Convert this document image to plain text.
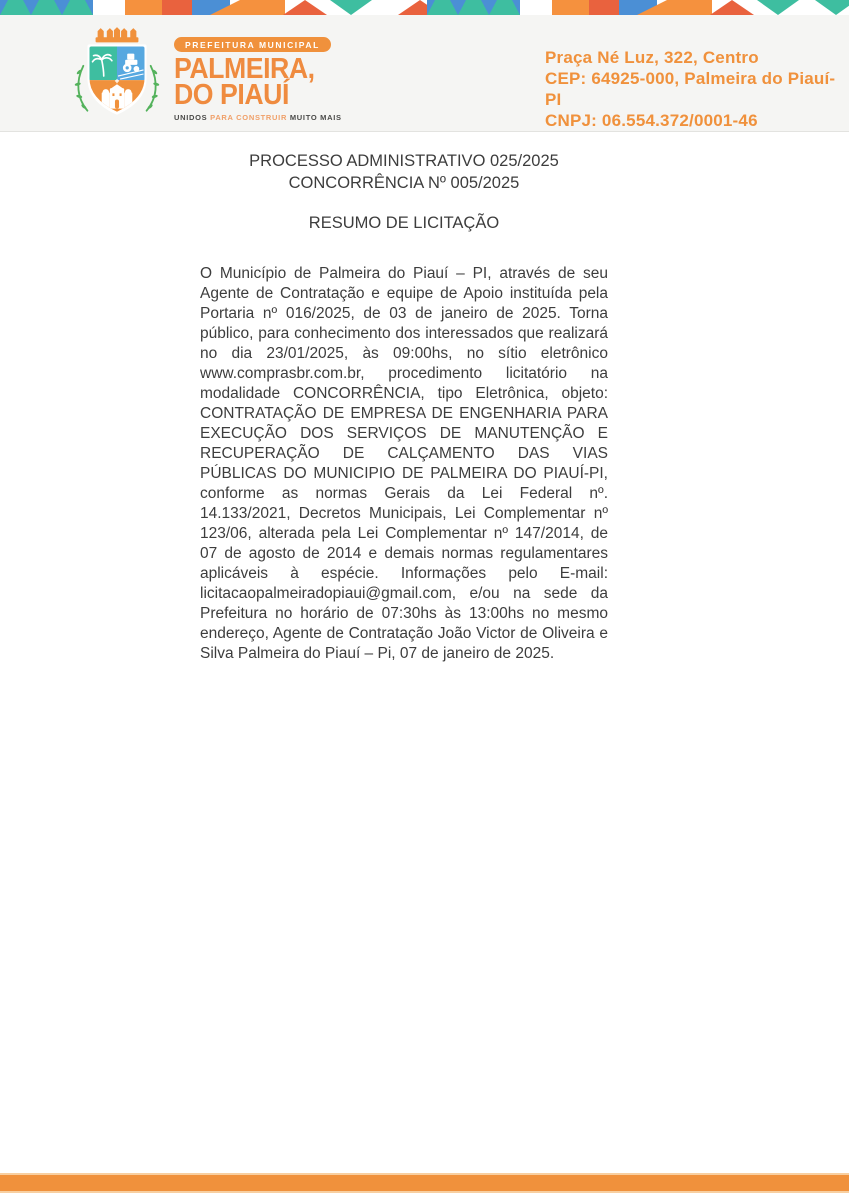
PREFEITURA MUNICIPAL
PALMEIRA,
DO PIAUÍ
UNIDOS PARA CONSTRUIR MUITO MAIS
Praça Né Luz, 322, Centro
CEP: 64925-000, Palmeira do Piauí-PI
CNPJ: 06.554.372/0001-46
PROCESSO ADMINISTRATIVO 025/2025
CONCORRÊNCIA Nº 005/2025
RESUMO DE LICITAÇÃO
O Município de Palmeira do Piauí – PI, através de seu Agente de Contratação e equipe de Apoio instituída pela Portaria nº 016/2025, de 03 de janeiro de 2025. Torna público, para conhecimento dos interessados que realizará no dia 23/01/2025, às 09:00hs, no sítio eletrônico www.comprasbr.com.br, procedimento licitatório na modalidade CONCORRÊNCIA, tipo Eletrônica, objeto: CONTRATAÇÃO DE EMPRESA DE ENGENHARIA PARA EXECUÇÃO DOS SERVIÇOS DE MANUTENÇÃO E RECUPERAÇÃO DE CALÇAMENTO DAS VIAS PÚBLICAS DO MUNICIPIO DE PALMEIRA DO PIAUÍ-PI, conforme as normas Gerais da Lei Federal nº. 14.133/2021, Decretos Municipais, Lei Complementar nº 123/06, alterada pela Lei Complementar nº 147/2014, de 07 de agosto de 2014 e demais normas regulamentares aplicáveis à espécie. Informações pelo E-mail: licitacaopalmeiradopiaui@gmail.com, e/ou na sede da Prefeitura no horário de 07:30hs às 13:00hs no mesmo endereço, Agente de Contratação João Victor de Oliveira e Silva Palmeira do Piauí – Pi, 07 de janeiro de 2025.
